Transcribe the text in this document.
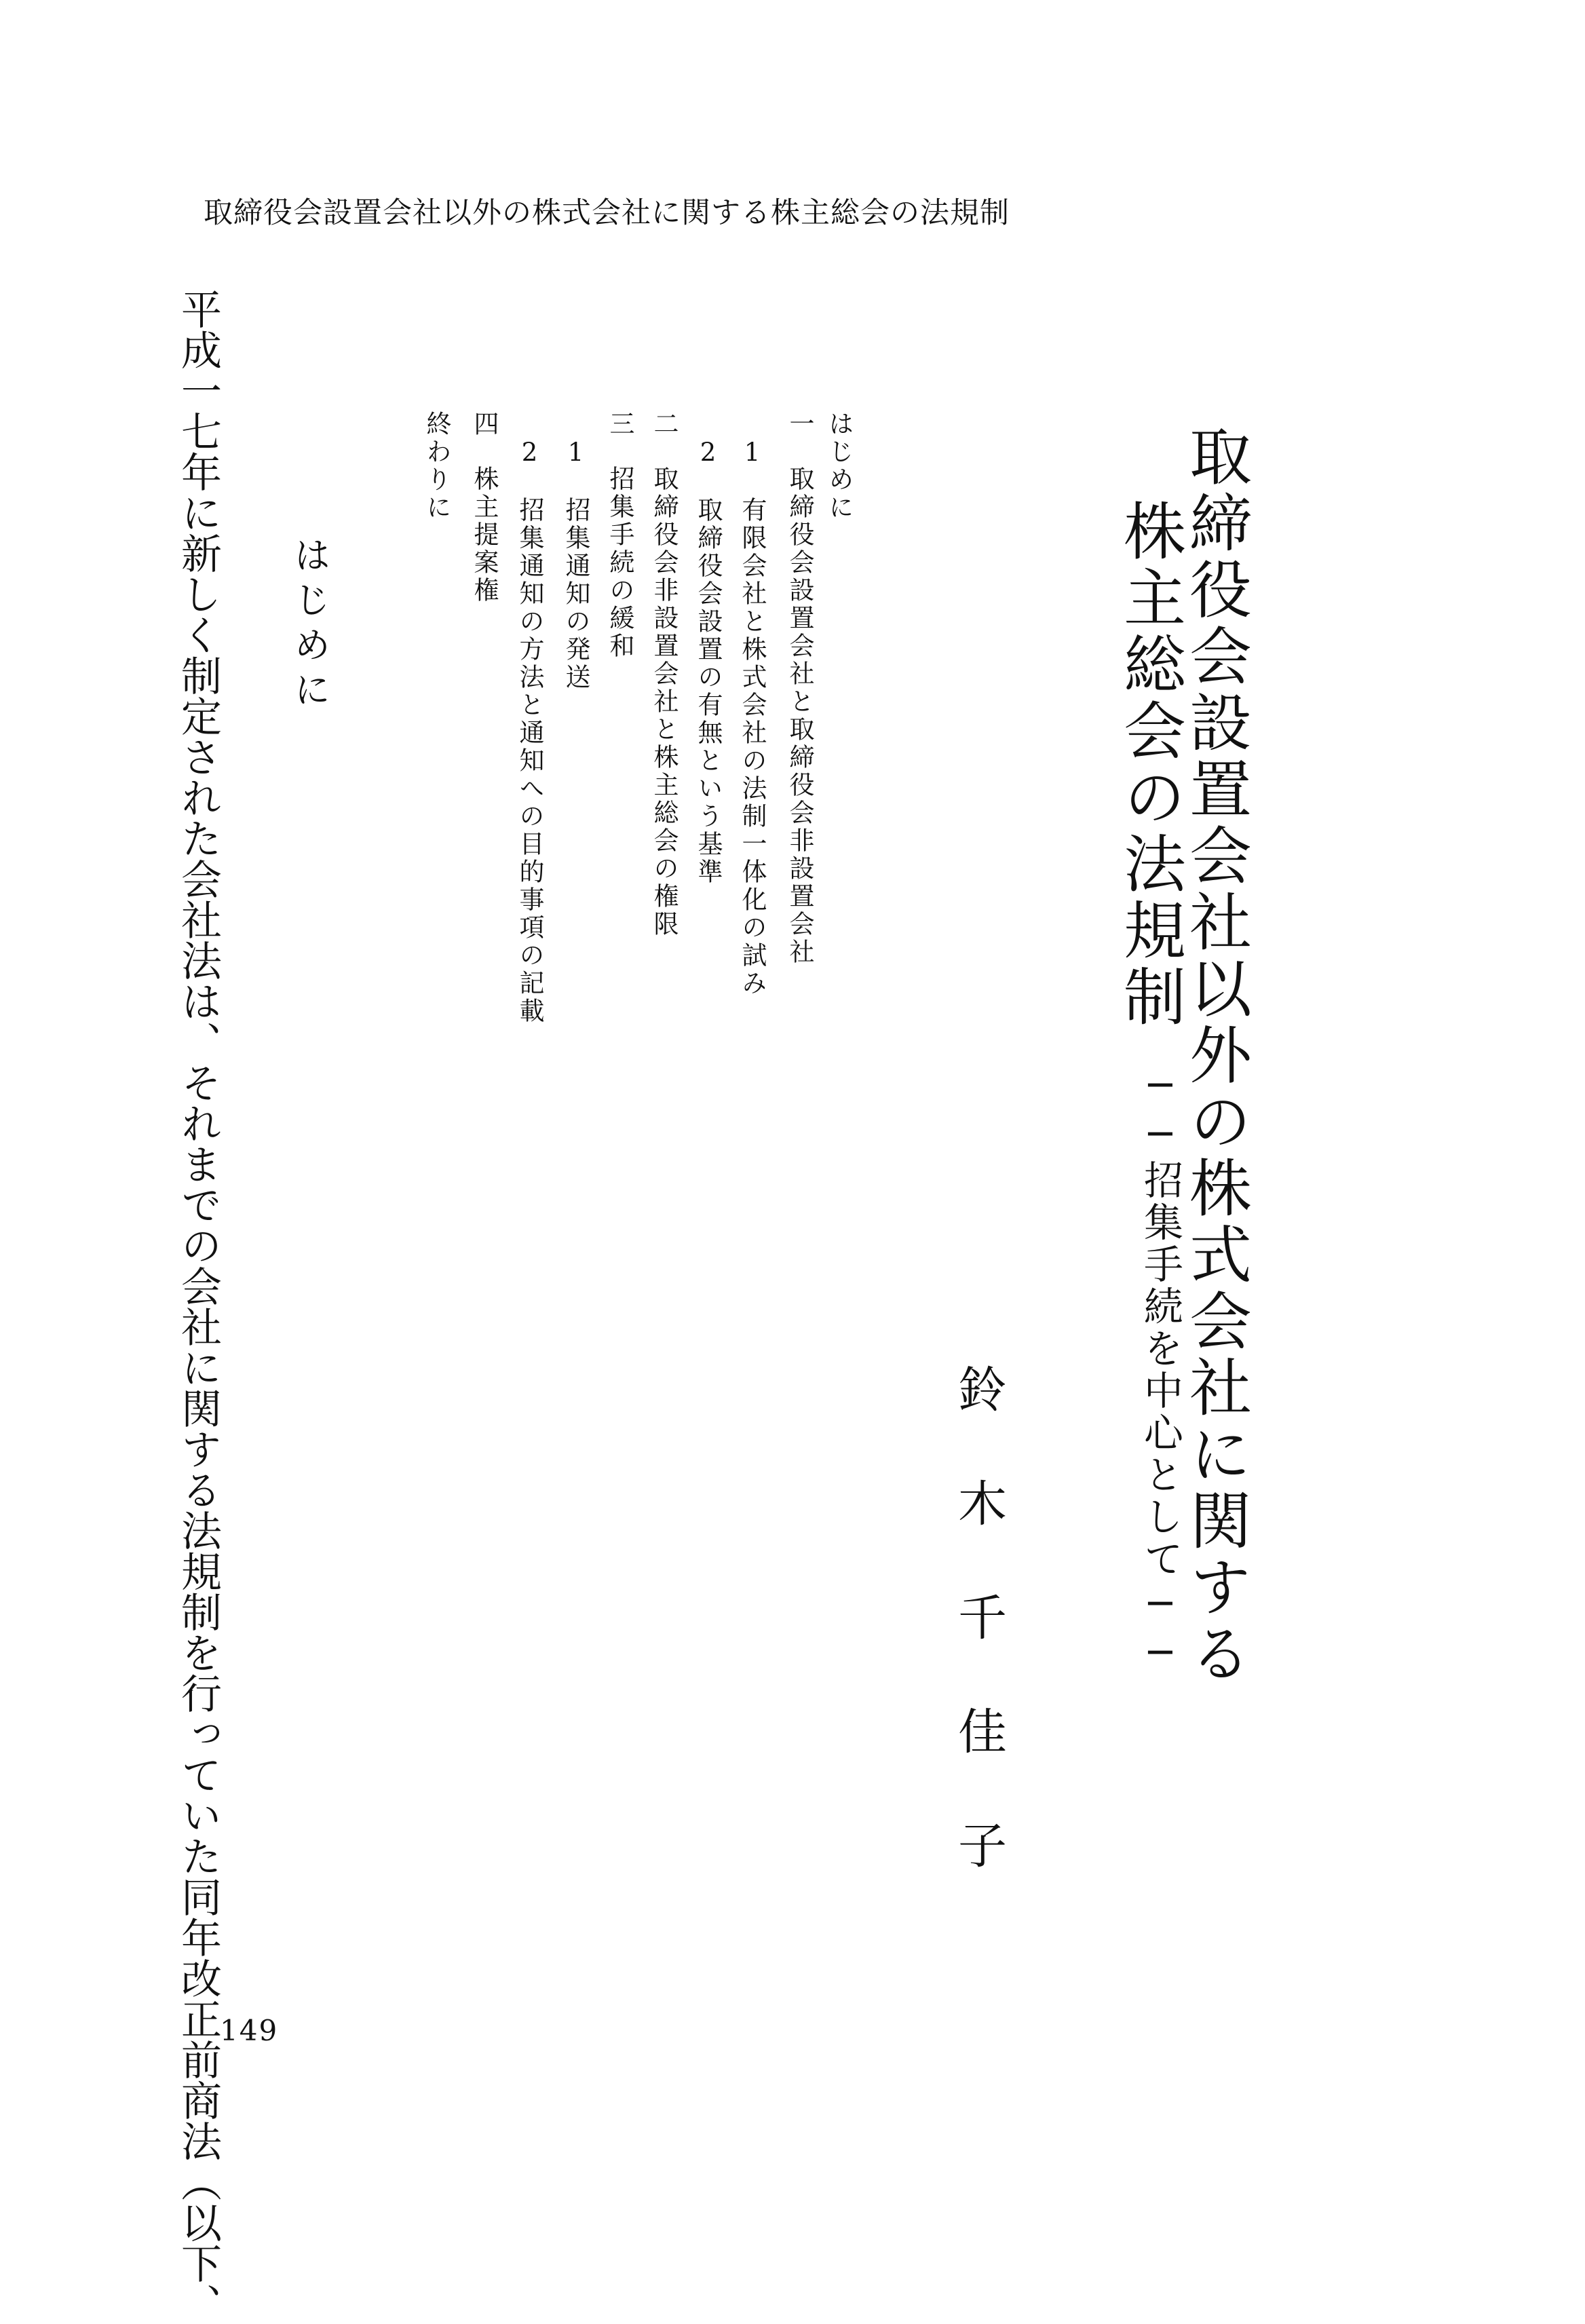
取締役会設置会社以外の株式会社に関する株主総会の法規制
取締役会設置会社以外の株式会社に関する
株主総会の法規制
──招集手続を中心として──
鈴木千佳子
はじめに
一取締役会設置会社と取締役会非設置会社
1有限会社と株式会社の法制一体化の試み
2取締役会設置の有無という基準
二取締役会非設置会社と株主総会の権限
三招集手続の緩和
1招集通知の発送
2招集通知の方法と通知への目的事項の記載
四株主提案権
終わりに
はじめに
平成一七年に新しく制定された会社法は、それまでの会社に関する法規制を行っていた同年改正前商法（以下、
149
